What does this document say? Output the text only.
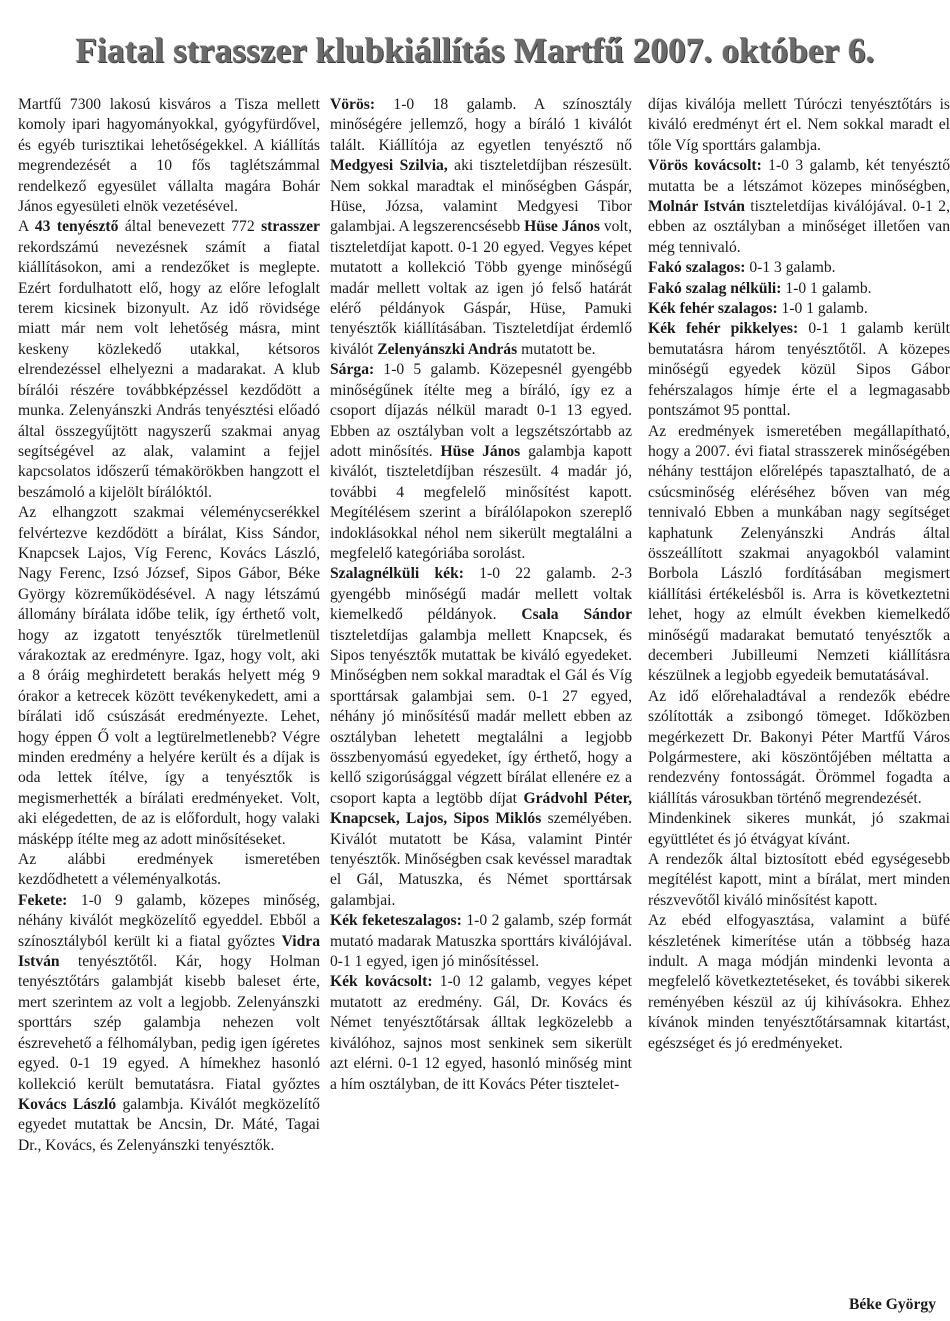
Fiatal strasszer klubkiállítás Martfű 2007. október 6.

Martfű 7300 lakosú kisváros a Tisza mellett komoly ipari hagyományokkal, gyógyfürdővel, és egyéb turisztikai lehetőségekkel. A kiállítás megrendezését a 10 fős taglétszámmal rendelkező egyesület vállalta magára Bohár János egyesületi elnök vezetésével.

A 43 tenyésztő által benevezett 772 strasszer rekordszámú nevezésnek számít a fiatal kiállításokon, ami a rendezőket is meglepte. Ezért fordulhatott elő, hogy az előre lefoglalt terem kicsinek bizonyult. Az idő rövidsége miatt már nem volt lehetőség másra, mint keskeny közlekedő utakkal, kétsoros elrendezéssel elhelyezni a madarakat. A klub bírálói részére továbbképzéssel kezdődött a munka. Zelenyánszki András tenyésztési előadó által összegyűjtött nagyszerű szakmai anyag segítségével az alak, valamint a fejjel kapcsolatos időszerű témakörökben hangzott el beszámoló a kijelölt bírálóktól.

Az elhangzott szakmai véleménycserékkel felvértezve kezdődött a bírálat, Kiss Sándor, Knapcsek Lajos, Víg Ferenc, Kovács László, Nagy Ferenc, Izsó József, Sipos Gábor, Béke György közreműködésével. A nagy létszámú állomány bírálata időbe telik, így érthető volt, hogy az izgatott tenyésztők türelmetlenül várakoztak az eredményre. Igaz, hogy volt, aki a 8 óráig meghirdetett berakás helyett még 9 órakor a ketrecek között tevékenykedett, ami a bírálati idő csúszását eredményezte. Lehet, hogy éppen Ő volt a legtürelmetlenebb? Végre minden eredmény a helyére került és a díjak is oda lettek ítélve, így a tenyésztők is megismerhették a bírálati eredményeket. Volt, aki elégedetten, de az is előfordult, hogy valaki másképp ítélte meg az adott minősítéseket.

Az alábbi eredmények ismeretében kezdődhetett a véleményalkotás.

Fekete: 1-0 9 galamb, közepes minőség, néhány kiválót megközelítő egyeddel. Ebből a színosztályból került ki a fiatal győztes Vidra István tenyésztőtől. Kár, hogy Holman tenyésztőtárs galambját kisebb baleset érte, mert szerintem az volt a legjobb. Zelenyánszki sporttárs szép galambja nehezen volt észrevehető a félhomályban, pedig igen ígéretes egyed. 0-1 19 egyed. A hímekhez hasonló kollekció került bemutatásra. Fiatal győztes Kovács László galambja. Kiválót megközelítő egyedet mutattak be Ancsin, Dr. Máté, Tagai Dr., Kovács, és Zelenyánszki tenyésztők.

Vörös: 1-0 18 galamb. A színosztály minőségére jellemző, hogy a bíráló 1 kiválót talált. Kiállítója az egyetlen tenyésztő nő Medgyesi Szilvia, aki tiszteletdíjban részesült. Nem sokkal maradtak el minőségben Gáspár, Hüse, Józsa, valamint Medgyesi Tibor galambjai. A legszerencsésebb Hüse János volt, tiszteletdíjat kapott. 0-1 20 egyed. Vegyes képet mutatott a kollekció Több gyenge minőségű madár mellett voltak az igen jó felső határát elérő példányok Gáspár, Hüse, Pamuki tenyésztők kiállításában. Tiszteletdíjat érdemlő kiválót Zelenyánszki András mutatott be.

Sárga: 1-0 5 galamb. Közepesnél gyengébb minőségűnek ítélte meg a bíráló, így ez a csoport díjazás nélkül maradt 0-1 13 egyed. Ebben az osztályban volt a legszétszórtabb az adott minősítés. Hüse János galambja kapott kiválót, tiszteletdíjban részesült. 4 madár jó, további 4 megfelelő minősítést kapott. Megítélésem szerint a bírálólapokon szereplő indoklásokkal néhol nem sikerült megtalálni a megfelelő kategóriába sorolást.

Szalagnélküli kék: 1-0 22 galamb. 2-3 gyengébb minőségű madár mellett voltak kiemelkedő példányok. Csala Sándor tiszteletdíjas galambja mellett Knapcsek, és Sipos tenyésztők mutattak be kiváló egyedeket. Minőségben nem sokkal maradtak el Gál és Víg sporttársak galambjai sem. 0-1 27 egyed, néhány jó minősítésű madár mellett ebben az osztályban lehetett megtalálni a legjobb összbenyomású egyedeket, így érthető, hogy a kellő szigorúsággal végzett bírálat ellenére ez a csoport kapta a legtöbb díjat Grádvohl Péter, Knapcsek, Lajos, Sipos Miklós személyében. Kiválót mutatott be Kása, valamint Pintér tenyésztők. Minőségben csak kevéssel maradtak el Gál, Matuszka, és Német sporttársak galambjai.

Kék feketeszalagos: 1-0 2 galamb, szép formát mutató madarak Matuszka sporttárs kiválójával. 0-1 1 egyed, igen jó minősítéssel.

Kék kovácsolt: 1-0 12 galamb, vegyes képet mutatott az eredmény. Gál, Dr. Kovács és Német tenyésztőtársak álltak legközelebb a kiválóhoz, sajnos most senkinek sem sikerült azt elérni. 0-1 12 egyed, hasonló minőség mint a hím osztályban, de itt Kovács Péter tisztelet-

díjas kiválója mellett Túróczi tenyésztőtárs is kiváló eredményt ért el. Nem sokkal maradt el tőle Víg sporttárs galambja.

Vörös kovácsolt: 1-0 3 galamb, két tenyésztő mutatta be a létszámot közepes minőségben, Molnár István tiszteletdíjas kiválójával. 0-1 2, ebben az osztályban a minőséget illetően van még tennivaló.

Fakó szalagos: 0-1 3 galamb.

Fakó szalag nélküli: 1-0 1 galamb.

Kék fehér szalagos: 1-0 1 galamb.

Kék fehér pikkelyes: 0-1 1 galamb került bemutatásra három tenyésztőtől. A közepes minőségű egyedek közül Sipos Gábor fehérszalagos hímje érte el a legmagasabb pontszámot 95 ponttal.

Az eredmények ismeretében megállapítható, hogy a 2007. évi fiatal strasszerek minőségében néhány testtájon előrelépés tapasztalható, de a csúcsminőség eléréséhez bőven van még tennivaló Ebben a munkában nagy segítséget kaphatunk Zelenyánszki András által összeállított szakmai anyagokból valamint Borbola László fordításában megismert kiállítási értékelésből is. Arra is következtetni lehet, hogy az elmúlt években kiemelkedő minőségű madarakat bemutató tenyésztők a decemberi Jubilleumi Nemzeti kiállításra készülnek a legjobb egyedeik bemutatásával.

Az idő előrehaladtával a rendezők ebédre szólították a zsibongó tömeget. Időközben megérkezett Dr. Bakonyi Péter Martfű Város Polgármestere, aki köszöntőjében méltatta a rendezvény fontosságát. Örömmel fogadta a kiállítás városukban történő megrendezését.

Mindenkinek sikeres munkát, jó szakmai együttlétet és jó étvágyat kívánt.

A rendezők által biztosított ebéd egységesebb megítélést kapott, mint a bírálat, mert minden részvevőtől kiváló minősítést kapott.

Az ebéd elfogyasztása, valamint a büfé készletének kimerítése után a többség haza indult. A maga módján mindenki levonta a megfelelő következtetéseket, és további sikerek reményében készül az új kihívásokra. Ehhez kívánok minden tenyésztőtársamnak kitartást, egészséget és jó eredményeket.

Béke György
